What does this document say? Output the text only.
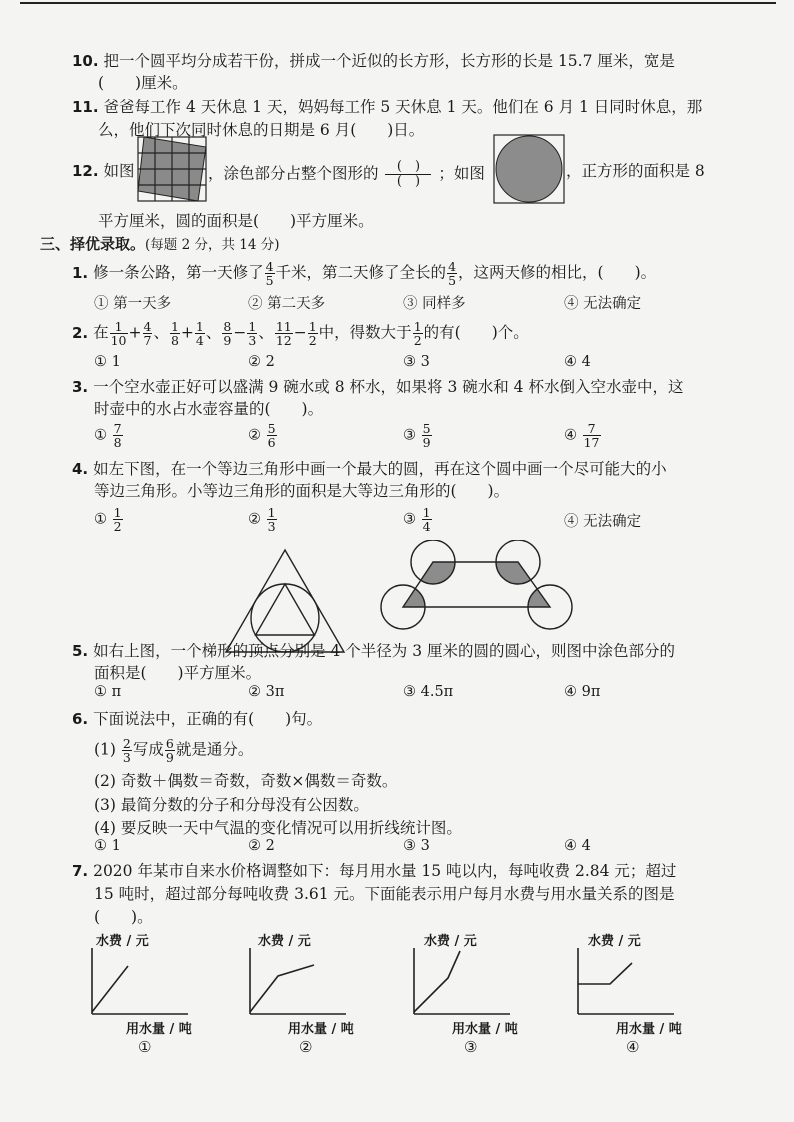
10. 把一个圆平均分成若干份，拼成一个近似的长方形，长方形的长是 15.7 厘米，宽是
(　　)厘米。
11. 爸爸每工作 4 天休息 1 天，妈妈每工作 5 天休息 1 天。他们在 6 月 1 日同时休息，那
么，他们下次同时休息的日期是 6 月(　　)日。
12. 如图	，涂色部分占整个图形的 (　)
(　) ；如图	，正方形的面积是 8
平方厘米，圆的面积是(　　)平方厘米。
三、择优录取。(每题 2 分，共 14 分)
1. 修一条公路，第一天修了 $\frac{4}{5}$ 千米，第二天修了全长的 $\frac{4}{5}$ ，这两天修的相比，(　　)。
① 第一天多	② 第二天多	③ 同样多	④ 无法确定
2. 在 $\frac{1}{10} + \frac{4}{7}$ 、 $\frac{1}{8} + \frac{1}{4}$ 、 $\frac{8}{9} - \frac{1}{3}$ 、 $\frac{11}{12} - \frac{1}{2}$ 中，得数大于 $\frac{1}{2}$ 的有(　　)个。
① 1	② 2	③ 3	④ 4
3. 一个空水壶正好可以盛满 9 碗水或 8 杯水，如果将 3 碗水和 4 杯水倒入空水壶中，这
时壶中的水占水壶容量的(　　)。
① $\frac{7}{8}$	② $\frac{5}{6}$	③ $\frac{5}{9}$	④ $\frac{7}{17}$
4. 如左下图，在一个等边三角形中画一个最大的圆，再在这个圆中画一个尽可能大的小
等边三角形。小等边三角形的面积是大等边三角形的(　　)。
① $\frac{1}{2}$	② $\frac{1}{3}$	③ $\frac{1}{4}$	④ 无法确定
5. 如右上图，一个梯形的顶点分别是 4 个半径为 3 厘米的圆的圆心，则图中涂色部分的
面积是(　　)平方厘米。
① π	② 3π	③ 4.5π	④ 9π
6. 下面说法中，正确的有(　　)句。
$(1) \frac{2}{3}$ 写成 $\frac{6}{9}$ 就是通分。
(2) 奇数＋偶数＝奇数，奇数×偶数＝奇数。
(3) 最简分数的分子和分母没有公因数。
(4) 要反映一天中气温的变化情况可以用折线统计图。
① 1	② 2	③ 3	④ 4
7. 2020 年某市自来水价格调整如下：每月用水量 15 吨以内，每吨收费 2.84 元；超过
15 吨时，超过部分每吨收费 3.61 元。下面能表示用户每月水费与用水量关系的图是
(　　)。
水费 / 元
用水量 / 吨
①
水费 / 元
用水量 / 吨
②
水费 / 元
用水量 / 吨
③
水费 / 元
用水量 / 吨
④
